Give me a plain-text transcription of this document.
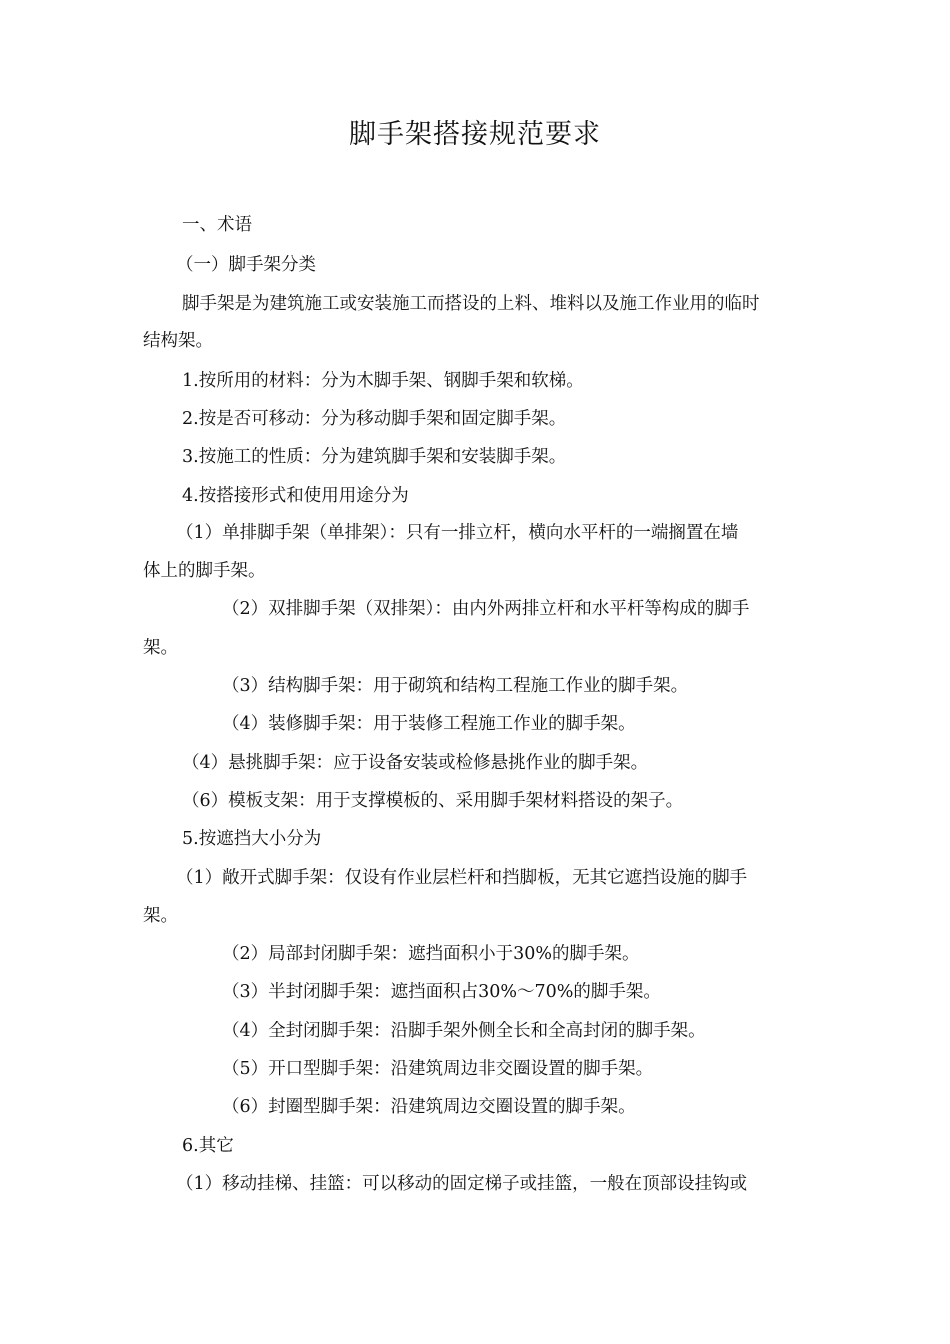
脚手架搭接规范要求
一、术语
（一）脚手架分类
脚手架是为建筑施工或安装施工而搭设的上料、堆料以及施工作业用的临时
结构架。
1.按所用的材料：分为木脚手架、钢脚手架和软梯。
2.按是否可移动：分为移动脚手架和固定脚手架。
3.按施工的性质：分为建筑脚手架和安装脚手架。
4.按搭接形式和使用用途分为
（1）单排脚手架（单排架）：只有一排立杆，横向水平杆的一端搁置在墙
体上的脚手架。
（2）双排脚手架（双排架）：由内外两排立杆和水平杆等构成的脚手
架。
（3）结构脚手架：用于砌筑和结构工程施工作业的脚手架。
（4）装修脚手架：用于装修工程施工作业的脚手架。
（4）悬挑脚手架：应于设备安装或检修悬挑作业的脚手架。
（6）模板支架：用于支撑模板的、采用脚手架材料搭设的架子。
5.按遮挡大小分为
（1）敞开式脚手架：仅设有作业层栏杆和挡脚板，无其它遮挡设施的脚手
架。
（2）局部封闭脚手架：遮挡面积小于30%的脚手架。
（3）半封闭脚手架：遮挡面积占30%～70%的脚手架。
（4）全封闭脚手架：沿脚手架外侧全长和全高封闭的脚手架。
（5）开口型脚手架：沿建筑周边非交圈设置的脚手架。
（6）封圈型脚手架：沿建筑周边交圈设置的脚手架。
6.其它
（1）移动挂梯、挂篮：可以移动的固定梯子或挂篮，一般在顶部设挂钩或
